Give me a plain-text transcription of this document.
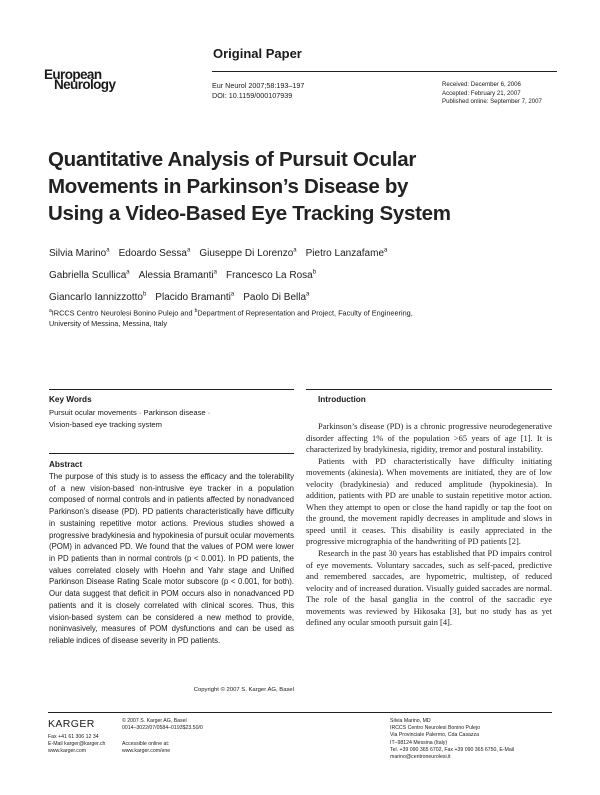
Original Paper
European
Neurology	Eur Neurol 2007;58:193–197
DOI: 10.1159/000107939
Received: December 6, 2006
Accepted: February 21, 2007
Published online: September 7, 2007
Quantitative Analysis of Pursuit Ocular
Movements in Parkinson’s Disease by
Using a Video-Based Eye Tracking System
Silvia Marino$^a$ Edoardo Sessa$^a$ Giuseppe Di Lorenzo$^a$ Pietro Lanzafame$^a$
Gabriella Scullica$^a$ Alessia Bramanti$^a$ Francesco La Rosa$^b$
Giancarlo Iannizzotto$^b$ Placido Bramanti$^a$ Paolo Di Bella$^a$
$^a$IRCCS Centro Neurolesi Bonino Pulejo and $^b$Department of Representation and Project, Faculty of Engineering,
University of Messina, Messina, Italy
Key Words
Pursuit ocular movements · Parkinson disease ·
Vision-based eye tracking system
Abstract

The purpose of this study is to assess the efficacy and the tolerability of a new vision-based non-intrusive eye tracker in a population composed of normal controls and in patients affected by nonadvanced Parkinson’s disease (PD). PD patients characteristically have difficulty in sustaining repetitive motor actions. Previous studies showed a progressive bradykinesia and hypokinesia of pursuit ocular movements (POM) in advanced PD. We found that the values of POM were lower in PD patients than in normal controls (p < 0.001). In PD patients, the values correlated closely with Hoehn and Yahr stage and Unified Parkinson Disease Rating Scale motor subscore (p < 0.001, for both). Our data suggest that deficit in POM occurs also in nonadvanced PD patients and it is closely correlated with clinical scores. Thus, this vision-based system can be considered a new method to provide, noninvasively, measures of POM dysfunctions and can be used as reliable indices of disease severity in PD patients.

Copyright © 2007 S. Karger AG, Basel
Introduction

Parkinson’s disease (PD) is a chronic progressive neurodegenerative disorder affecting 1% of the population >65 years of age [1]. It is characterized by bradykinesia, rigidity, tremor and postural instability.

Patients with PD characteristically have difficulty initiating movements (akinesia). When movements are initiated, they are of low velocity (bradykinesia) and reduced amplitude (hypokinesia). In addition, patients with PD are unable to sustain repetitive motor action. When they attempt to open or close the hand rapidly or tap the foot on the ground, the movement rapidly decreases in amplitude and slows in speed until it ceases. This disability is easily appreciated in the progressive micrographia of the handwriting of PD patients [2].

Research in the past 30 years has established that PD impairs control of eye movements. Voluntary saccades, such as self-paced, predictive and remembered saccades, are hypometric, multistep, of reduced velocity and of increased duration. Visually guided saccades are normal. The role of the basal ganglia in the control of the saccadic eye movements was reviewed by Hikosaka [3], but no study has as yet defined any ocular smooth pursuit gain [4].

KARGER
Fax +41 61 306 12 34
E-Mail karger@karger.ch
www.karger.com
© 2007 S. Karger AG, Basel
0014–3022/07/0584–0193$23.50/0
Accessible online at:
www.karger.com/ene
Silvia Marino, MD
IRCCS Centro Neurolesi Bonino Pulejo
Via Provinciale Palermo, Cda Casazza
IT–98124 Messina (Italy)
Tel. +39 090 365 6702, Fax +39 090 365 6750, E-Mail marino@centroneurolesi.it
